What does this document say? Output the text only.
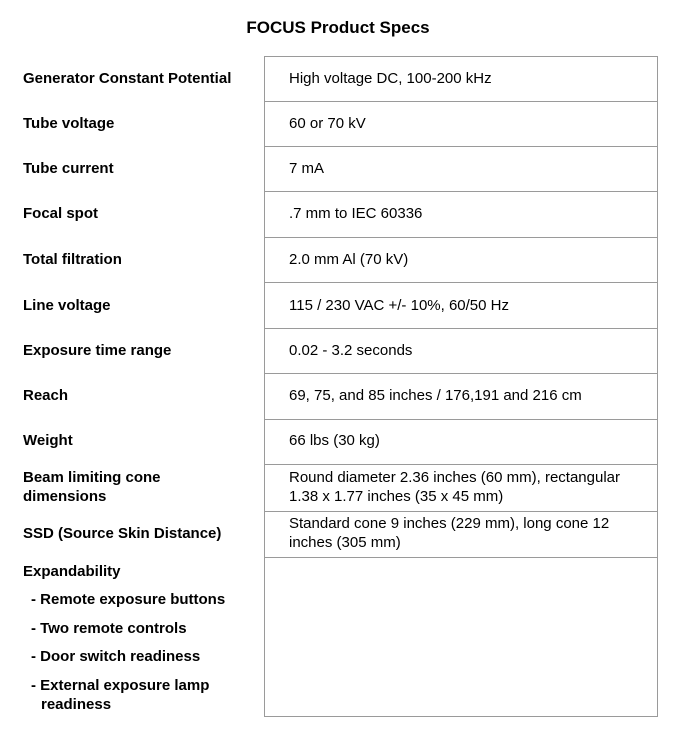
FOCUS Product Specs
Generator Constant Potential
Tube voltage
Tube current
Focal spot
Total filtration
Line voltage
Exposure time range
Reach
Weight
Beam limiting cone
dimensions
SSD (Source Skin Distance)
High voltage DC, 100-200 kHz
60 or 70 kV
7 mA
.7 mm to IEC 60336
2.0 mm Al (70 kV)
115 / 230 VAC +/- 10%, 60/50 Hz
0.02 - 3.2 seconds
69, 75, and 85 inches / 176,191 and 216 cm
66 lbs (30 kg)
Round diameter 2.36 inches (60 mm), rectangular
1.38 x 1.77 inches (35 x 45 mm)
Standard cone 9 inches (229 mm), long cone 12
inches (305 mm)
Expandability
- Remote exposure buttons
- Two remote controls
- Door switch readiness
- External exposure lamp
readiness
